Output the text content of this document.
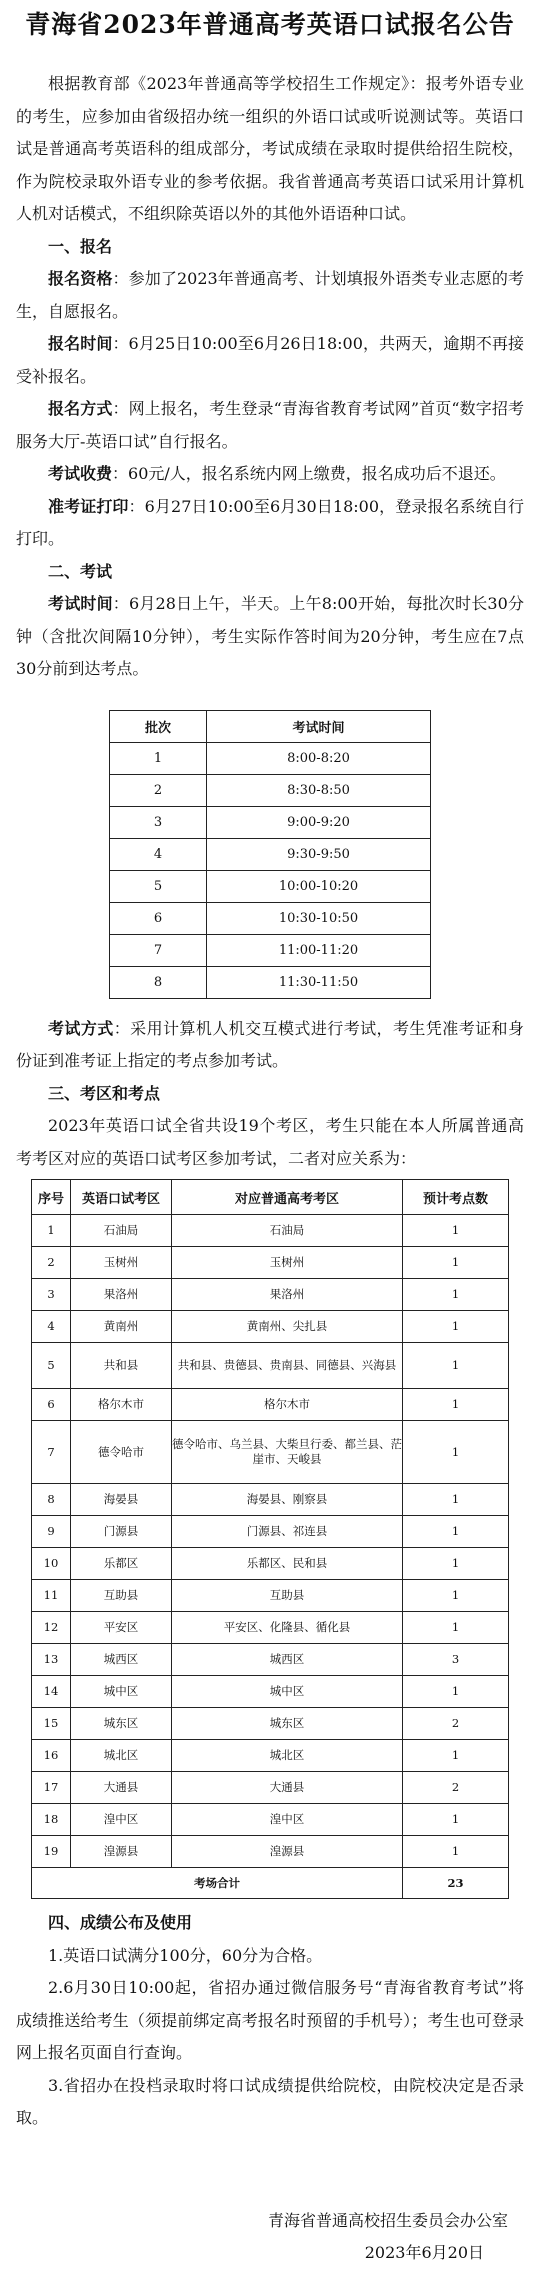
青海省2023年普通高考英语口试报名公告

根据教育部《2023年普通高等学校招生工作规定》：报考外语专业的考生，应参加由省级招办统一组织的外语口试或听说测试等。英语口试是普通高考英语科的组成部分，考试成绩在录取时提供给招生院校，作为院校录取外语专业的参考依据。我省普通高考英语口试采用计算机人机对话模式，不组织除英语以外的其他外语语种口试。

一、报名

报名资格：参加了2023年普通高考、计划填报外语类专业志愿的考生，自愿报名。

报名时间：6月25日10:00至6月26日18:00，共两天，逾期不再接受补报名。

报名方式：网上报名，考生登录“青海省教育考试网”首页“数字招考服务大厅-英语口试”自行报名。

考试收费：60元/人，报名系统内网上缴费，报名成功后不退还。

准考证打印：6月27日10:00至6月30日18:00，登录报名系统自行打印。

二、考试

考试时间：6月28日上午，半天。上午8:00开始，每批次时长30分钟（含批次间隔10分钟），考生实际作答时间为20分钟，考生应在7点30分前到达考点。

批次	考试时间
1	8:00-8:20
2	8:30-8:50
3	9:00-9:20
4	9:30-9:50
5	10:00-10:20
6	10:30-10:50
7	11:00-11:20
8	11:30-11:50

考试方式：采用计算机人机交互模式进行考试，考生凭准考证和身份证到准考证上指定的考点参加考试。

三、考区和考点

2023年英语口试全省共设19个考区，考生只能在本人所属普通高考考区对应的英语口试考区参加考试，二者对应关系为：

序号	英语口试考区	对应普通高考考区	预计考点数
1	石油局	石油局	1
2	玉树州	玉树州	1
3	果洛州	果洛州	1
4	黄南州	黄南州、尖扎县	1
5	共和县	共和县、贵德县、贵南县、同德县、兴海县	1
6	格尔木市	格尔木市	1
7	德令哈市	德令哈市、乌兰县、大柴旦行委、都兰县、茫崖市、天峻县	1
8	海晏县	海晏县、刚察县	1
9	门源县	门源县、祁连县	1
10	乐都区	乐都区、民和县	1
11	互助县	互助县	1
12	平安区	平安区、化隆县、循化县	1
13	城西区	城西区	3
14	城中区	城中区	1
15	城东区	城东区	2
16	城北区	城北区	1
17	大通县	大通县	2
18	湟中区	湟中区	1
19	湟源县	湟源县	1
考场合计			23

四、成绩公布及使用

1.英语口试满分100分，60分为合格。

2.6月30日10:00起，省招办通过微信服务号“青海省教育考试”将成绩推送给考生（须提前绑定高考报名时预留的手机号）；考生也可登录网上报名页面自行查询。

3.省招办在投档录取时将口试成绩提供给院校，由院校决定是否录取。

青海省普通高校招生委员会办公室

2023年6月20日
